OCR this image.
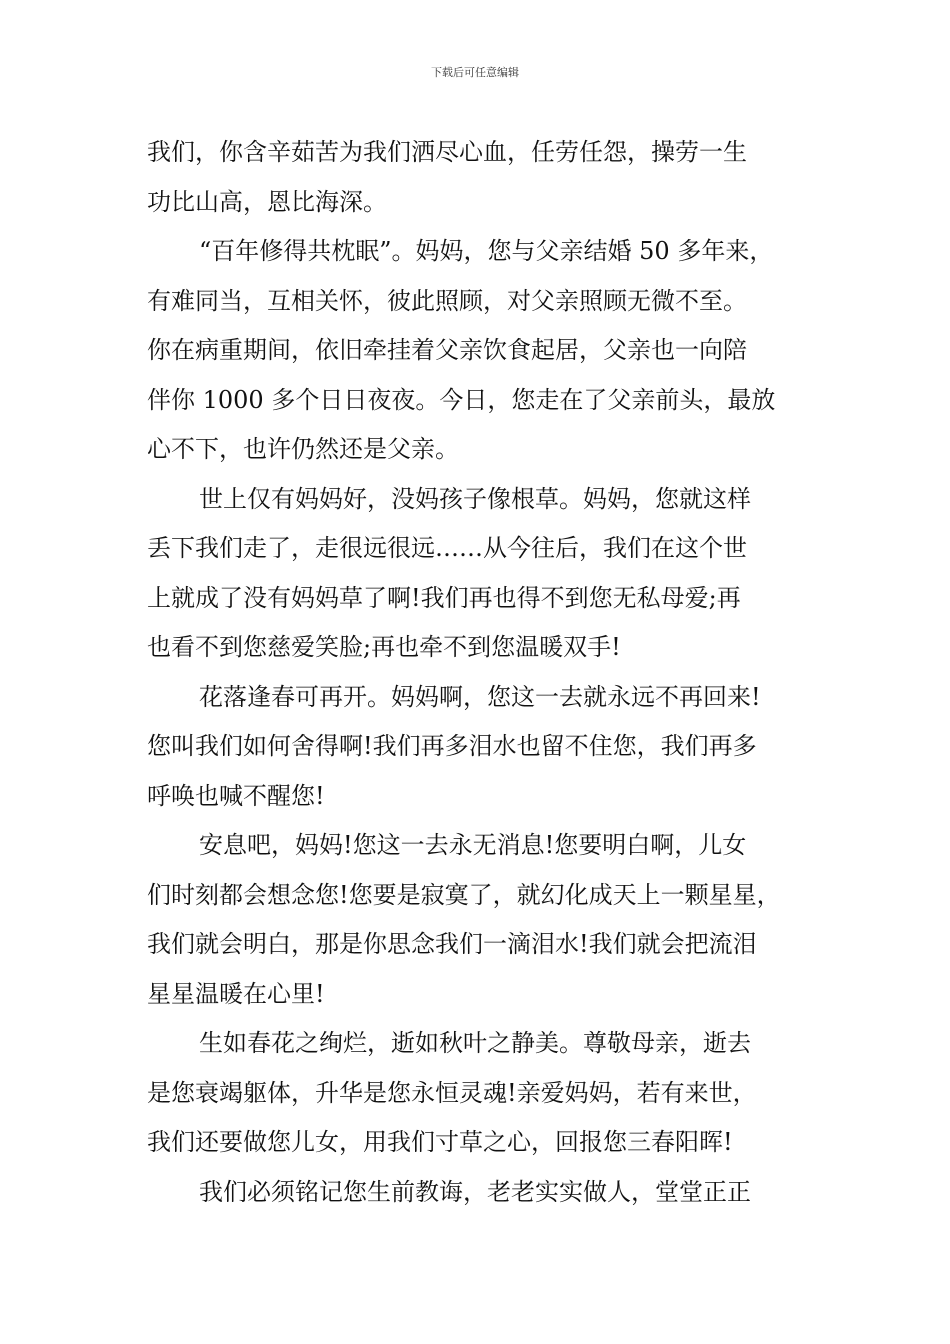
下载后可任意编辑
我们，你含辛茹苦为我们洒尽心血，任劳任怨，操劳一生
功比山高，恩比海深。
“百年修得共枕眠”。妈妈，您与父亲结婚 50 多年来，
有难同当，互相关怀，彼此照顾，对父亲照顾无微不至。
你在病重期间，依旧牵挂着父亲饮食起居，父亲也一向陪
伴你 1000 多个日日夜夜。今日，您走在了父亲前头，最放
心不下，也许仍然还是父亲。
世上仅有妈妈好，没妈孩子像根草。妈妈，您就这样
丢下我们走了，走很远很远……从今往后，我们在这个世
上就成了没有妈妈草了啊!我们再也得不到您无私母爱;再
也看不到您慈爱笑脸;再也牵不到您温暖双手!
花落逢春可再开。妈妈啊，您这一去就永远不再回来!
您叫我们如何舍得啊!我们再多泪水也留不住您，我们再多
呼唤也喊不醒您!
安息吧，妈妈!您这一去永无消息!您要明白啊，儿女
们时刻都会想念您!您要是寂寞了，就幻化成天上一颗星星，
我们就会明白，那是你思念我们一滴泪水!我们就会把流泪
星星温暖在心里!
生如春花之绚烂，逝如秋叶之静美。尊敬母亲，逝去
是您衰竭躯体，升华是您永恒灵魂!亲爱妈妈，若有来世，
我们还要做您儿女，用我们寸草之心，回报您三春阳晖!
我们必须铭记您生前教诲，老老实实做人，堂堂正正
